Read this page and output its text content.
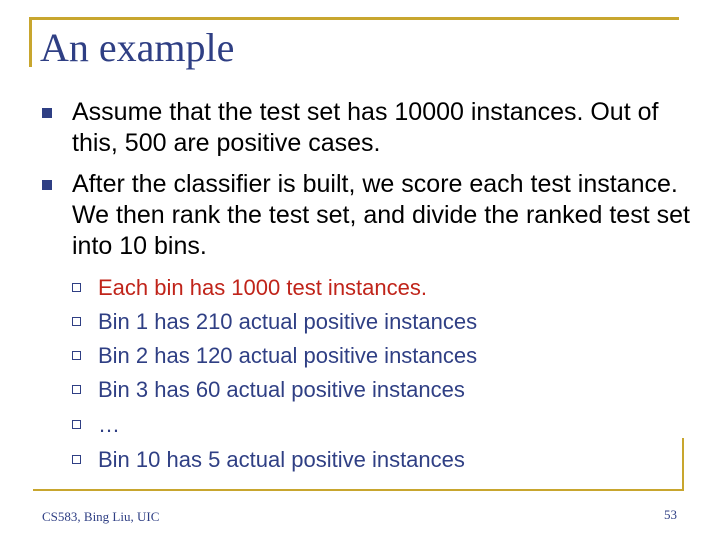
An example
Assume that the test set has 10000 instances. Out of this, 500 are positive cases.
After the classifier is built, we score each test instance. We then rank the test set, and divide the ranked test set into 10 bins.
Each bin has 1000 test instances.
Bin 1 has 210 actual positive instances
Bin 2 has 120 actual positive instances
Bin 3 has 60 actual positive instances
…
Bin 10 has 5 actual positive instances
CS583, Bing Liu, UIC	53
